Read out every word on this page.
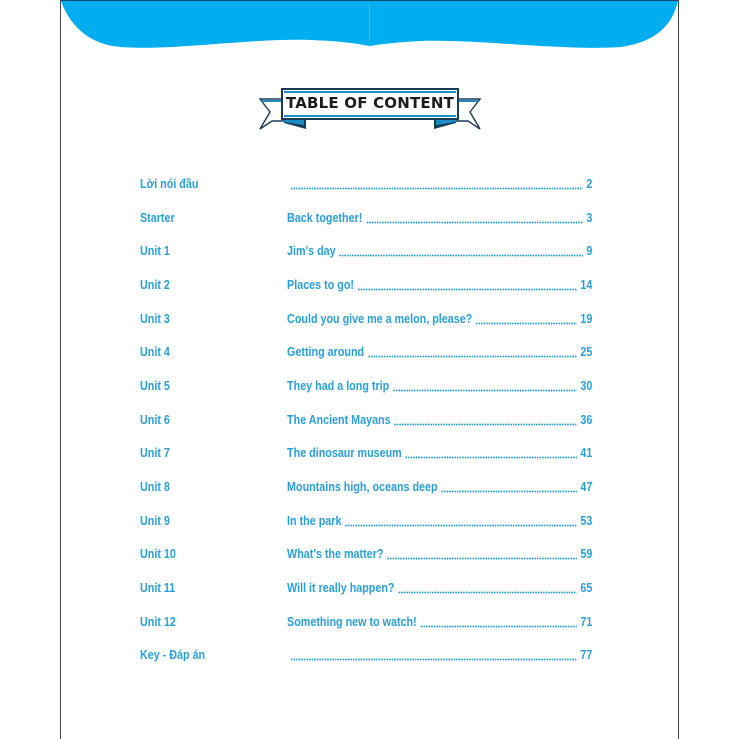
TABLE OF CONTENT
Lời nói đầu	2
Starter	Back together!	3
Unit 1	Jim's day	9
Unit 2	Places to go!	14
Unit 3	Could you give me a melon, please?	19
Unit 4	Getting around	25
Unit 5	They had a long trip	30
Unit 6	The Ancient Mayans	36
Unit 7	The dinosaur museum	41
Unit 8	Mountains high, oceans deep	47
Unit 9	In the park	53
Unit 10	What's the matter?	59
Unit 11	Will it really happen?	65
Unit 12	Something new to watch!	71
Key - Đáp án	77
